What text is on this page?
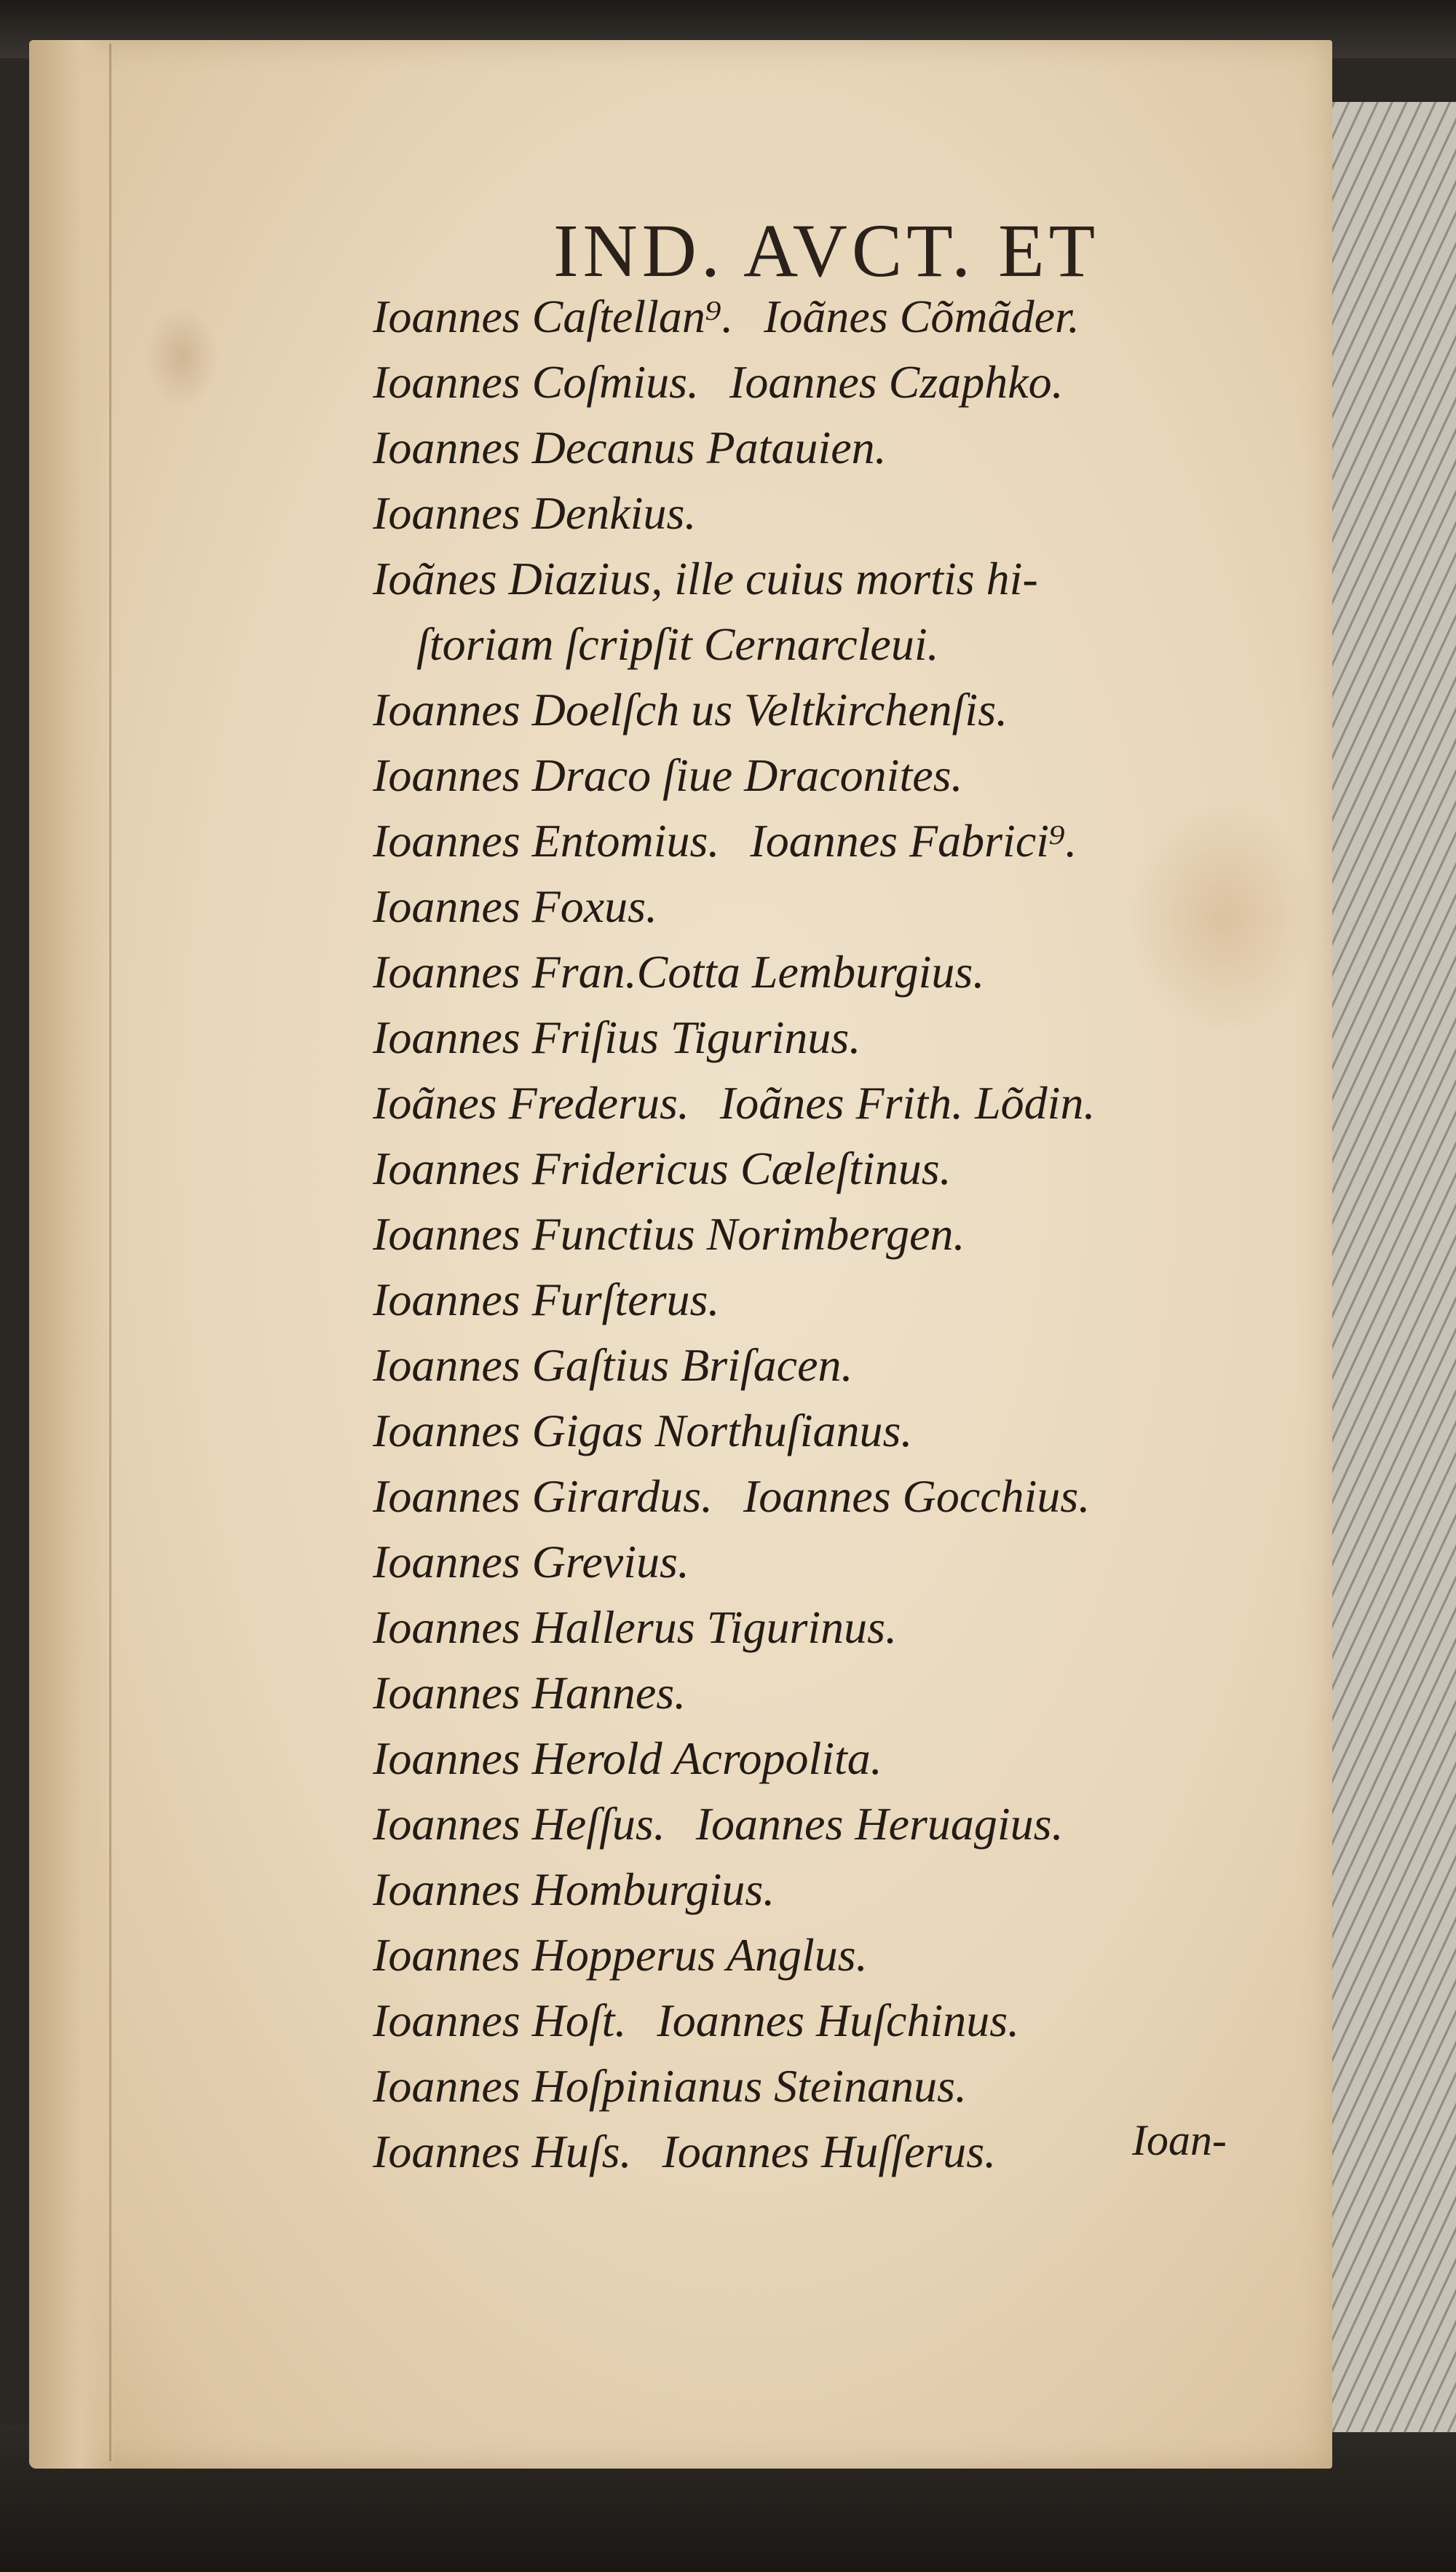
IND. AVCT. ET
Ioannes Caſtellan⁹. Ioãnes Cõmãder.
Ioannes Coſmius. Ioannes Czaphko.
Ioannes Decanus Patauien.
Ioannes Denkius.
Ioãnes Diazius, ille cuius mortis hi-
ſtoriam ſcripſit Cernarcleui.
Ioannes Doelſch us Veltkirchenſis.
Ioannes Draco ſiue Draconites.
Ioannes Entomius. Ioannes Fabrici⁹.
Ioannes Foxus.
Ioannes Fran.Cotta Lemburgius.
Ioannes Friſius Tigurinus.
Ioãnes Frederus. Ioãnes Frith. Lõdin.
Ioannes Fridericus Cæleſtinus.
Ioannes Functius Norimbergen.
Ioannes Furſterus.
Ioannes Gaſtius Briſacen.
Ioannes Gigas Northuſianus.
Ioannes Girardus. Ioannes Gocchius.
Ioannes Grevius.
Ioannes Hallerus Tigurinus.
Ioannes Hannes.
Ioannes Herold Acropolita.
Ioannes Heſſus. Ioannes Heruagius.
Ioannes Homburgius.
Ioannes Hopperus Anglus.
Ioannes Hoſt. Ioannes Huſchinus.
Ioannes Hoſpinianus Steinanus.
Ioannes Huſs. Ioannes Huſſerus.	Ioan-
